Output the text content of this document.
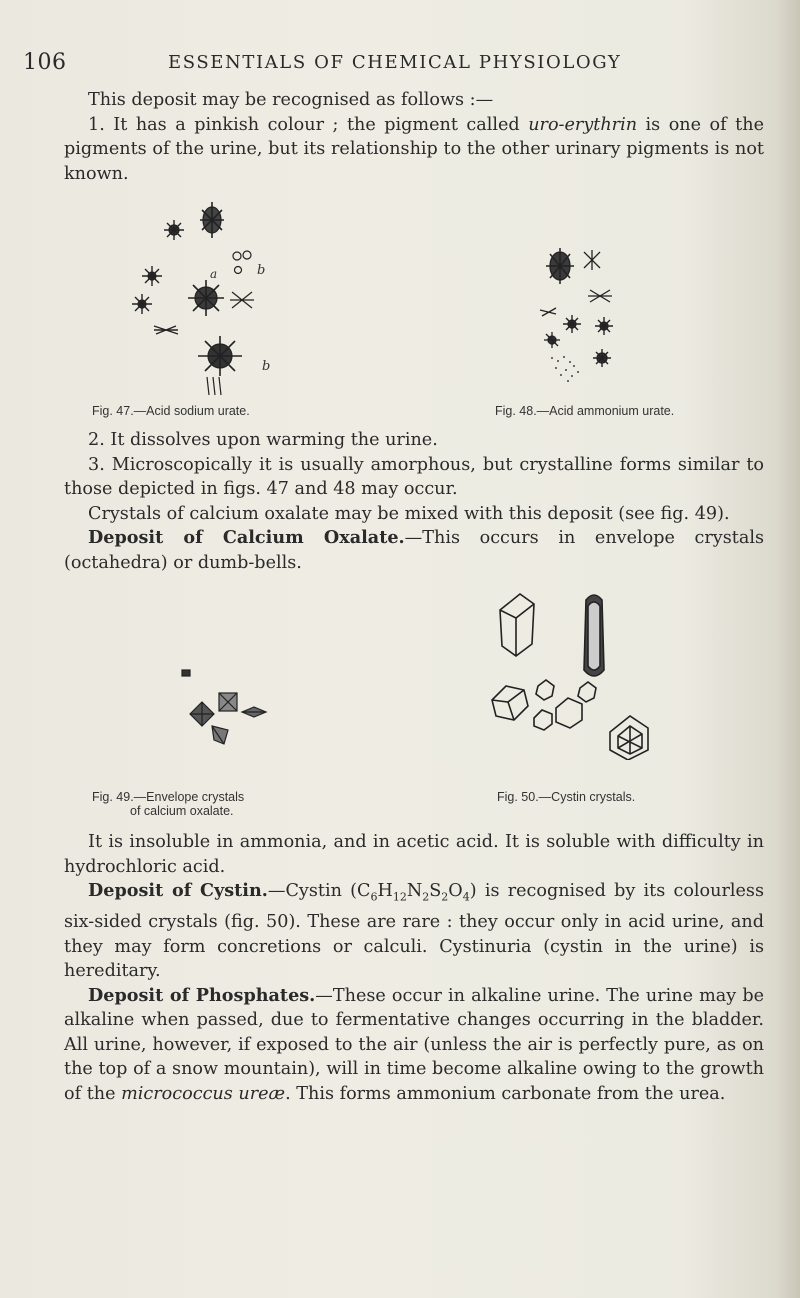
106	ESSENTIALS OF CHEMICAL PHYSIOLOGY

This deposit may be recognised as follows :—

1. It has a pinkish colour ; the pigment called uro-erythrin is one of the pigments of the urine, but its relationship to the other urinary pigments is not known.

a	b
b
Fig. 47.—Acid sodium urate.	Fig. 48.—Acid ammonium urate.

2. It dissolves upon warming the urine.

3. Microscopically it is usually amorphous, but crystalline forms similar to those depicted in figs. 47 and 48 may occur.

Crystals of calcium oxalate may be mixed with this deposit (see fig. 49).

Deposit of Calcium Oxalate.—This occurs in envelope crystals (octahedra) or dumb-bells.

Fig. 49.—Envelope crystals
of calcium oxalate.
Fig. 50.—Cystin crystals.

It is insoluble in ammonia, and in acetic acid. It is soluble with difficulty in hydrochloric acid.

Deposit of Cystin.—Cystin $(C_6H_{12}N_2S_2O_4)$ is recognised by its colourless six-sided crystals (fig. 50). These are rare : they occur only in acid urine, and they may form concretions or calculi. Cystinuria (cystin in the urine) is hereditary.

Deposit of Phosphates.—These occur in alkaline urine. The urine may be alkaline when passed, due to fermentative changes occurring in the bladder. All urine, however, if exposed to the air (unless the air is perfectly pure, as on the top of a snow mountain), will in time become alkaline owing to the growth of the micrococcus ureæ. This forms ammonium carbonate from the urea.
